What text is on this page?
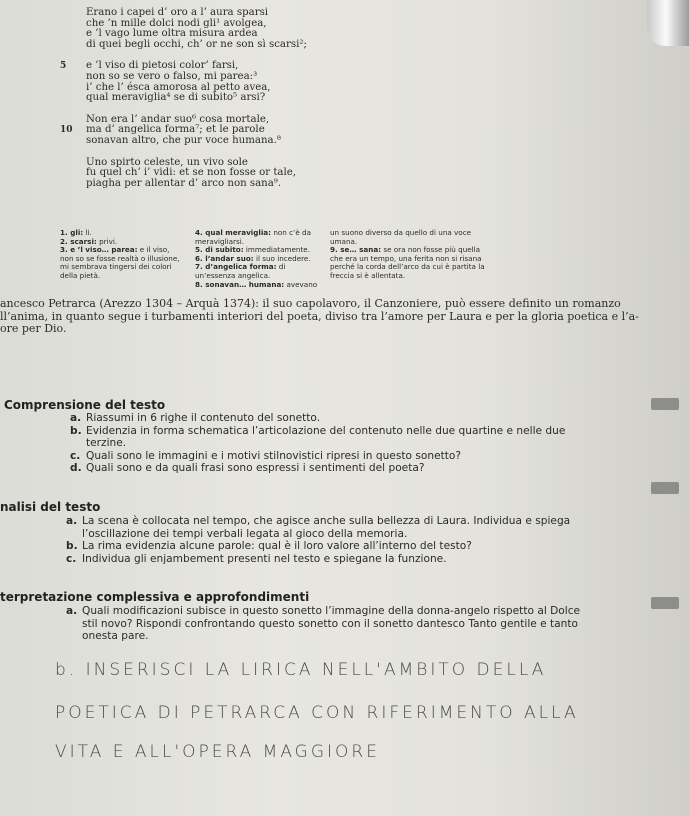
Erano i capei d’ oro a l’ aura sparsi
che ’n mille dolci nodi gli¹ avolgea,
e ’l vago lume oltra misura ardea
di quei begli occhi, ch’ or ne son sì scarsi²;
5 e ’l viso di pietosi color’ farsi,
non so se vero o falso, mi parea:³
i’ che l’ ésca amorosa al petto avea,
qual meraviglia⁴ se di subito⁵ arsi?
Non era l’ andar suo⁶ cosa mortale,
10 ma d’ angelica forma⁷; et le parole
sonavan altro, che pur voce humana.⁸
Uno spirto celeste, un vivo sole
fu quel ch’ i’ vidi: et se non fosse or tale,
piagha per allentar d’ arco non sana⁹.
1. gli: li.
2. scarsi: privi.
3. e ’l viso… parea: e il viso, non so se fosse realtà o illusione, mi sembrava tingersi dei colori della pietà.
4. qual meraviglia: non c’è da meravigliarsi.
5. di subito: immediatamente.
6. l’andar suo: il suo incedere.
7. d’angelica forma: di un’essenza angelica.
8. sonavan… humana: avevano
un suono diverso da quello di una voce umana.
9. se… sana: se ora non fosse più quella che era un tempo, una ferita non si risana perché la corda dell’arco da cui è partita la freccia si è allentata.
ancesco Petrarca (Arezzo 1304 – Arquà 1374): il suo capolavoro, il Canzoniere, può essere definito un romanzo
ll’anima, in quanto segue i turbamenti interiori del poeta, diviso tra l’amore per Laura e per la gloria poetica e l’a-
ore per Dio.
Comprensione del testo
a. Riassumi in 6 righe il contenuto del sonetto.
b. Evidenzia in forma schematica l’articolazione del contenuto nelle due quartine e nelle due terzine.
c. Quali sono le immagini e i motivi stilnovistici ripresi in questo sonetto?
d. Quali sono e da quali frasi sono espressi i sentimenti del poeta?
nalisi del testo
a. La scena è collocata nel tempo, che agisce anche sulla bellezza di Laura. Individua e spiega l’oscillazione dei tempi verbali legata al gioco della memoria.
b. La rima evidenzia alcune parole: qual è il loro valore all’interno del testo?
c. Individua gli enjambement presenti nel testo e spiegane la funzione.
terpretazione complessiva e approfondimenti
a. Quali modificazioni subisce in questo sonetto l’immagine della donna-angelo rispetto al Dolce stil novo? Rispondi confrontando questo sonetto con il sonetto dantesco Tanto gentile e tanto onesta pare.
b. INSERISCI LA LIRICA NELL'AMBITO DELLA
POETICA DI PETRARCA CON RIFERIMENTO ALLA
VITA E ALL'OPERA MAGGIORE
